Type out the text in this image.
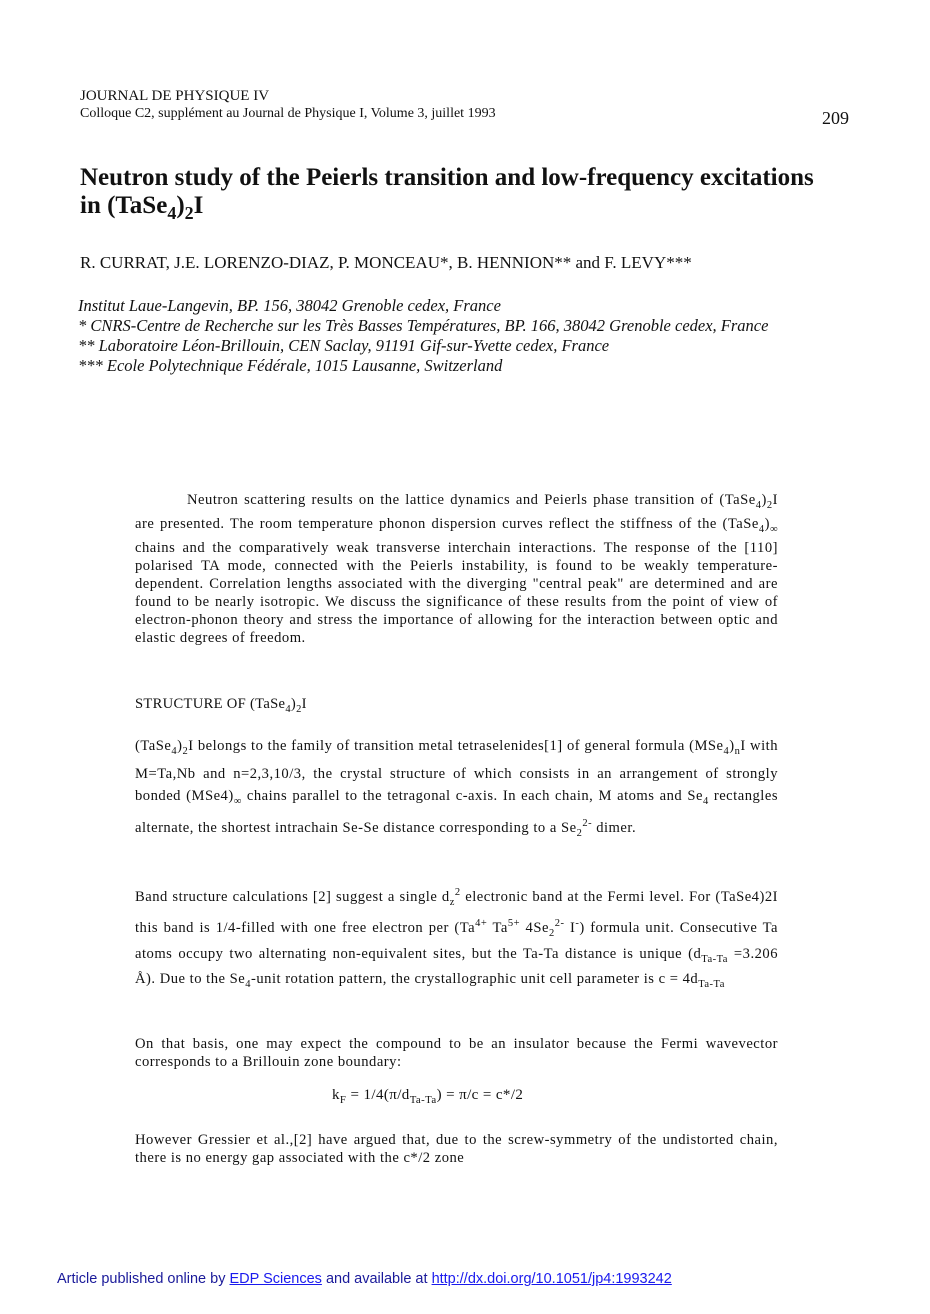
JOURNAL DE PHYSIQUE IV
Colloque C2, supplément au Journal de Physique I, Volume 3, juillet 1993	209
Neutron study of the Peierls transition and low-frequency excitations
in $(TaSe_4)_2I$
R. CURRAT, J.E. LORENZO-DIAZ, P. MONCEAU*, B. HENNION** and F. LEVY***
Institut Laue-Langevin, BP. 156, 38042 Grenoble cedex, France
* CNRS-Centre de Recherche sur les Très Basses Températures, BP. 166, 38042 Grenoble cedex, France
** Laboratoire Léon-Brillouin, CEN Saclay, 91191 Gif-sur-Yvette cedex, France
*** Ecole Polytechnique Fédérale, 1015 Lausanne, Switzerland
Neutron scattering results on the lattice dynamics and Peierls phase transition of $(TaSe_4)_2I$ are presented. The room temperature phonon dispersion curves reflect the stiffness of the $(TaSe_4)_\infty$ chains and the comparatively weak transverse interchain interactions. The response of the [110] polarised TA mode, connected with the Peierls instability, is found to be weakly temperature-dependent. Correlation lengths associated with the diverging "central peak" are determined and are found to be nearly isotropic. We discuss the significance of these results from the point of view of electron-phonon theory and stress the importance of allowing for the interaction between optic and elastic degrees of freedom.
STRUCTURE OF $(TaSe_4)_2I$
$(TaSe_4)_2I$ belongs to the family of transition metal tetraselenides[1] of general formula $(MSe_4)_nI$ with M=Ta,Nb and n=2,3,10/3, the crystal structure of which consists in an arrangement of strongly bonded $(MSe4)_\infty$ chains parallel to the tetragonal c-axis. In each chain, M atoms and $Se_4$ rectangles alternate, the shortest intrachain Se-Se distance corresponding to a $Se_2^{2-}$ dimer.
Band structure calculations [2] suggest a single $d_z^2$ electronic band at the Fermi level. For (TaSe4)2I this band is 1/4-filled with one free electron per ($Ta^{4+}$ $Ta^{5+}$ $4Se_2^{2-}$ I-) formula unit. Consecutive Ta atoms occupy two alternating non-equivalent sites, but the Ta-Ta distance is unique ($d_{Ta-Ta} =3.206$ Å). Due to the $Se_4$-unit rotation pattern, the crystallographic unit cell parameter is $c = 4d_{Ta-Ta}$
On that basis, one may expect the compound to be an insulator because the Fermi wavevector corresponds to a Brillouin zone boundary:
$k_F = 1/4(\pi/d_{Ta-Ta}) = \pi/c = c*/2$
However Gressier et al.,[2] have argued that, due to the screw-symmetry of the undistorted chain, there is no energy gap associated with the c*/2 zone
Article published online by EDP Sciences and available at http://dx.doi.org/10.1051/jp4:1993242
